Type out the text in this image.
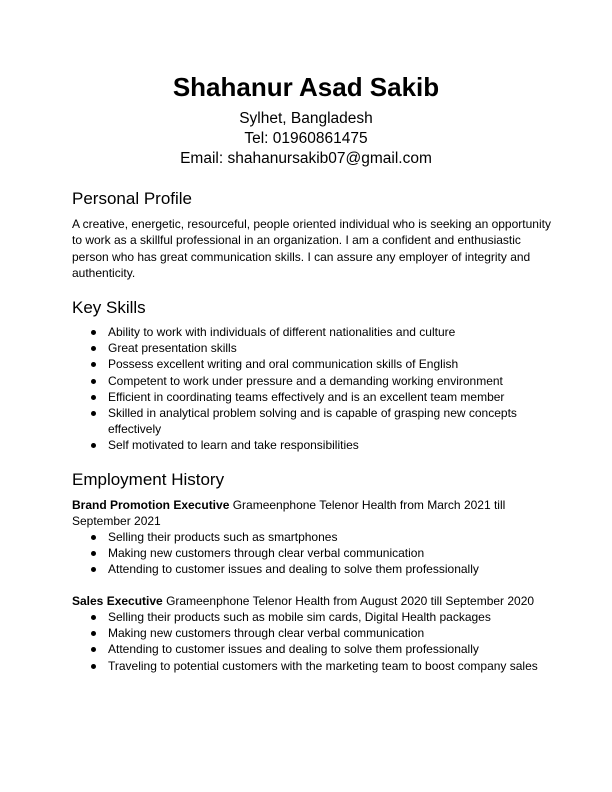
Shahanur Asad Sakib

Sylhet, Bangladesh

Tel: 01960861475

Email: shahanursakib07@gmail.com

Personal Profile

A creative, energetic, resourceful, people oriented individual who is seeking an opportunity to work as a skillful professional in an organization. I am a confident and enthusiastic person who has great communication skills. I can assure any employer of integrity and authenticity.

Key Skills
Ability to work with individuals of different nationalities and culture
Great presentation skills
Possess excellent writing and oral communication skills of English
Competent to work under pressure and a demanding working environment
Efficient in coordinating teams effectively and is an excellent team member
Skilled in analytical problem solving and is capable of grasping new concepts effectively
Self motivated to learn and take responsibilities
Employment History

Brand Promotion Executive Grameenphone Telenor Health from March 2021 till September 2021

Selling their products such as smartphones
Making new customers through clear verbal communication
Attending to customer issues and dealing to solve them professionally

Sales Executive Grameenphone Telenor Health from August 2020 till September 2020

Selling their products such as mobile sim cards, Digital Health packages
Making new customers through clear verbal communication
Attending to customer issues and dealing to solve them professionally
Traveling to potential customers with the marketing team to boost company sales
